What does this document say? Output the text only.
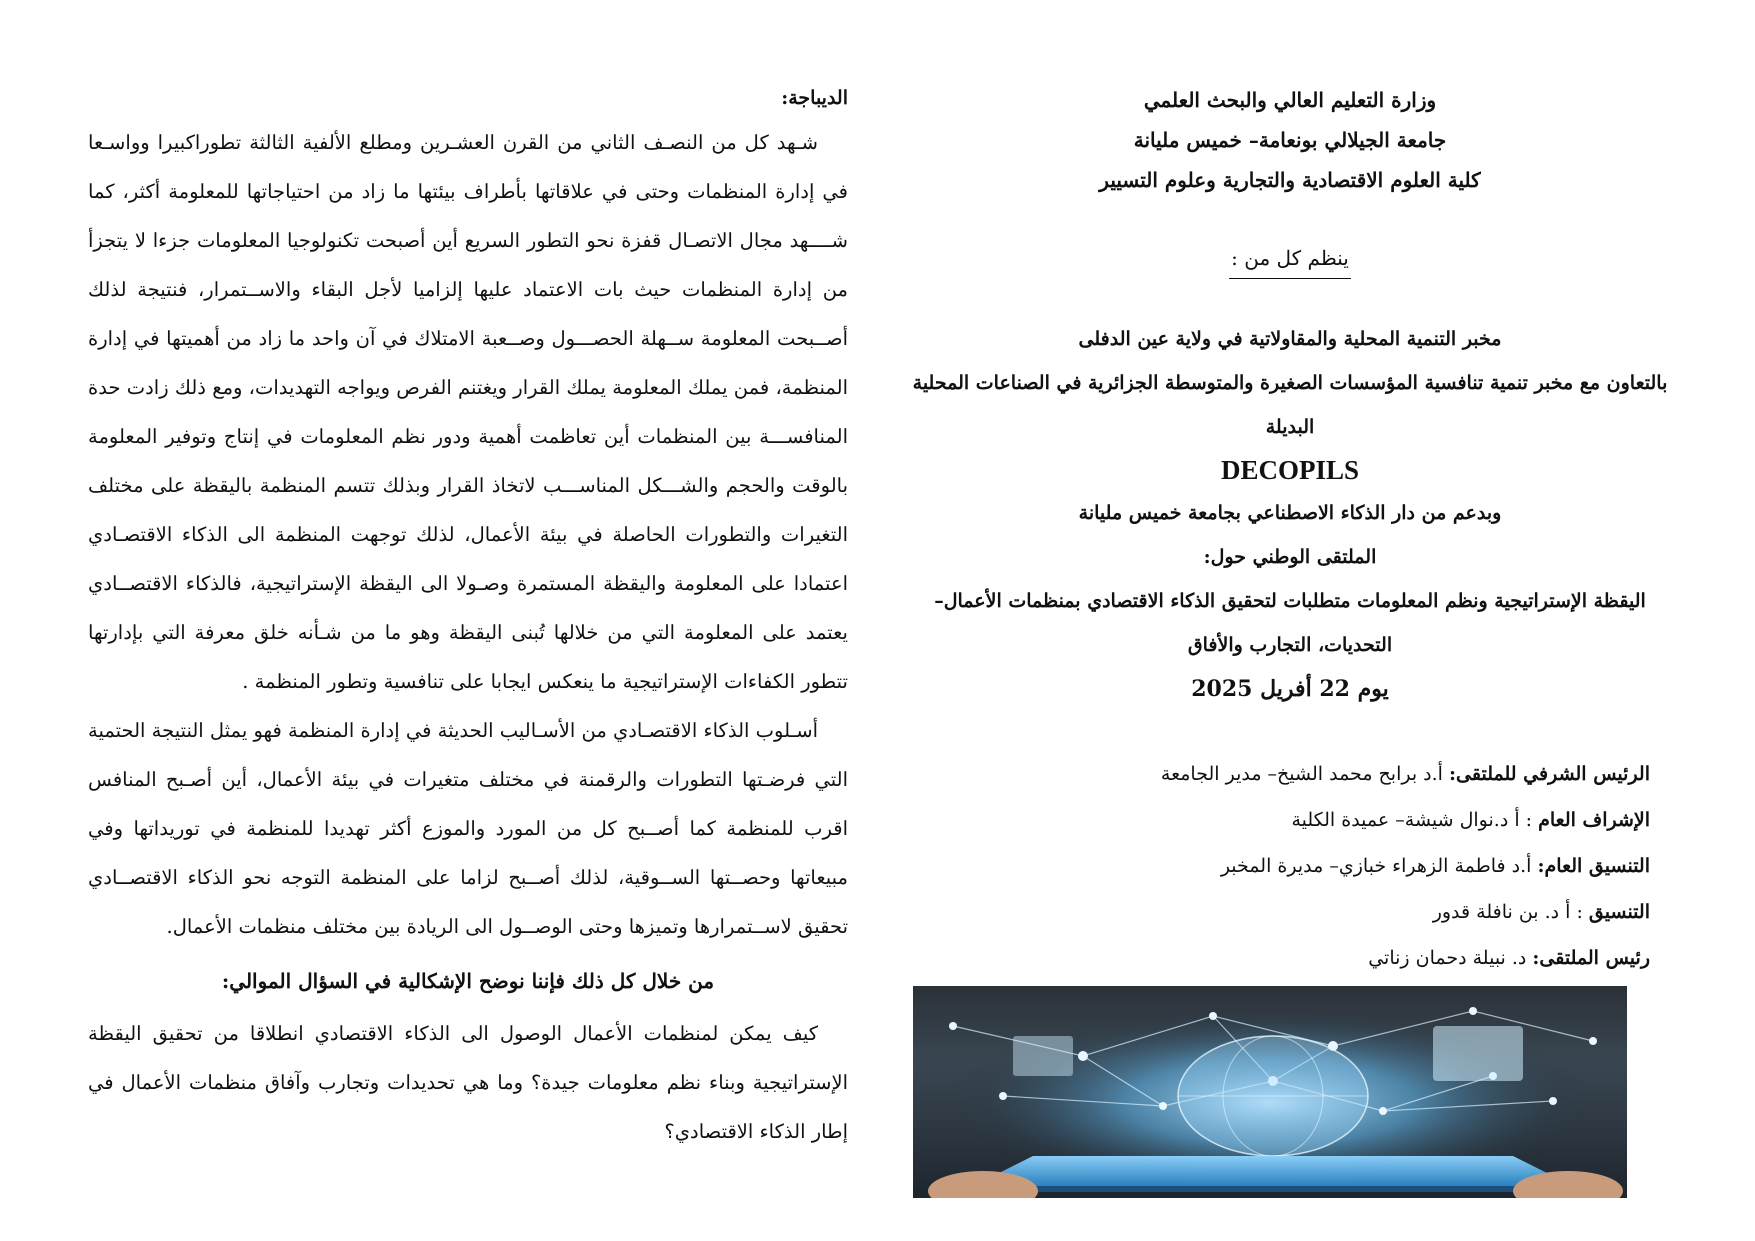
الديباجة:

شـهد كل من النصـف الثاني من القرن العشـرين ومطلع الألفية الثالثة تطوراكبيرا وواسـعا في إدارة المنظمات وحتى في علاقاتها بأطراف بيئتها ما زاد من احتياجاتها للمعلومة أكثر، كما شــــهد مجال الاتصـال قفزة نحو التطور السريع أين أصبحت تكنولوجيا المعلومات جزءا لا يتجزأ من إدارة المنظمات حيث بات الاعتماد عليها إلزاميا لأجل البقاء والاســتمرار، فنتيجة لذلك أصــبحت المعلومة ســهلة الحصـــول وصــعبة الامتلاك في آن واحد ما زاد من أهميتها في إدارة المنظمة، فمن يملك المعلومة يملك القرار ويغتنم الفرص ويواجه التهديدات، ومع ذلك زادت حدة المنافســـة بين المنظمات أين تعاظمت أهمية ودور نظم المعلومات في إنتاج وتوفير المعلومة بالوقت والحجم والشـــكل المناســـب لاتخاذ القرار وبذلك تتسم المنظمة باليقظة على مختلف التغيرات والتطورات الحاصلة في بيئة الأعمال، لذلك توجهت المنظمة الى الذكاء الاقتصـادي اعتمادا على المعلومة واليقظة المستمرة وصـولا الى اليقظة الإستراتيجية، فالذكاء الاقتصــادي يعتمد على المعلومة التي من خلالها تُبنى اليقظة وهو ما من شـأنه خلق معرفة التي بإدارتها تتطور الكفاءات الإستراتيجية ما ينعكس ايجابا على تنافسية وتطور المنظمة .

أسـلوب الذكاء الاقتصـادي من الأسـاليب الحديثة في إدارة المنظمة فهو يمثل النتيجة الحتمية التي فرضـتها التطورات والرقمنة في مختلف متغيرات في بيئة الأعمال، أين أصـبح المنافس اقرب للمنظمة كما أصــبح كل من المورد والموزع أكثر تهديدا للمنظمة في توريداتها وفي مبيعاتها وحصــتها الســوقية، لذلك أصــبح لزاما على المنظمة التوجه نحو الذكاء الاقتصــادي تحقيق لاســتمرارها وتميزها وحتى الوصــول الى الريادة بين مختلف منظمات الأعمال.

من خلال كل ذلك فإننا نوضح الإشكالية في السؤال الموالي:

كيف يمكن لمنظمات الأعمال الوصول الى الذكاء الاقتصادي انطلاقا من تحقيق اليقظة الإستراتيجية وبناء نظم معلومات جيدة؟ وما هي تحديدات وتجارب وآفاق منظمات الأعمال في إطار الذكاء الاقتصادي؟

وزارة التعليم العالي والبحث العلمي

جامعة الجيلالي بونعامة– خميس مليانة

كلية العلوم الاقتصادية والتجارية وعلوم التسيير

ينظم كل من :

مخبر التنمية المحلية والمقاولاتية في ولاية عين الدفلى

بالتعاون مع مخبر تنمية تنافسية المؤسسات الصغيرة والمتوسطة الجزائرية في الصناعات المحلية البديلة

DECOPILS

وبدعم من دار الذكاء الاصطناعي بجامعة خميس مليانة

الملتقى الوطني حول:

اليقظة الإستراتيجية ونظم المعلومات متطلبات لتحقيق الذكاء الاقتصادي بمنظمات الأعمال–

التحديات، التجارب والأفاق

يوم 22 أفريل 2025

الرئيس الشرفي للملتقى: أ.د برابح محمد الشيخ– مدير الجامعة

الإشراف العام : أ د.نوال شيشة– عميدة الكلية

التنسيق العام: أ.د فاطمة الزهراء خبازي– مديرة المخبر

التنسيق : أ د. بن نافلة قدور

رئيس الملتقى: د. نبيلة دحمان زناتي
